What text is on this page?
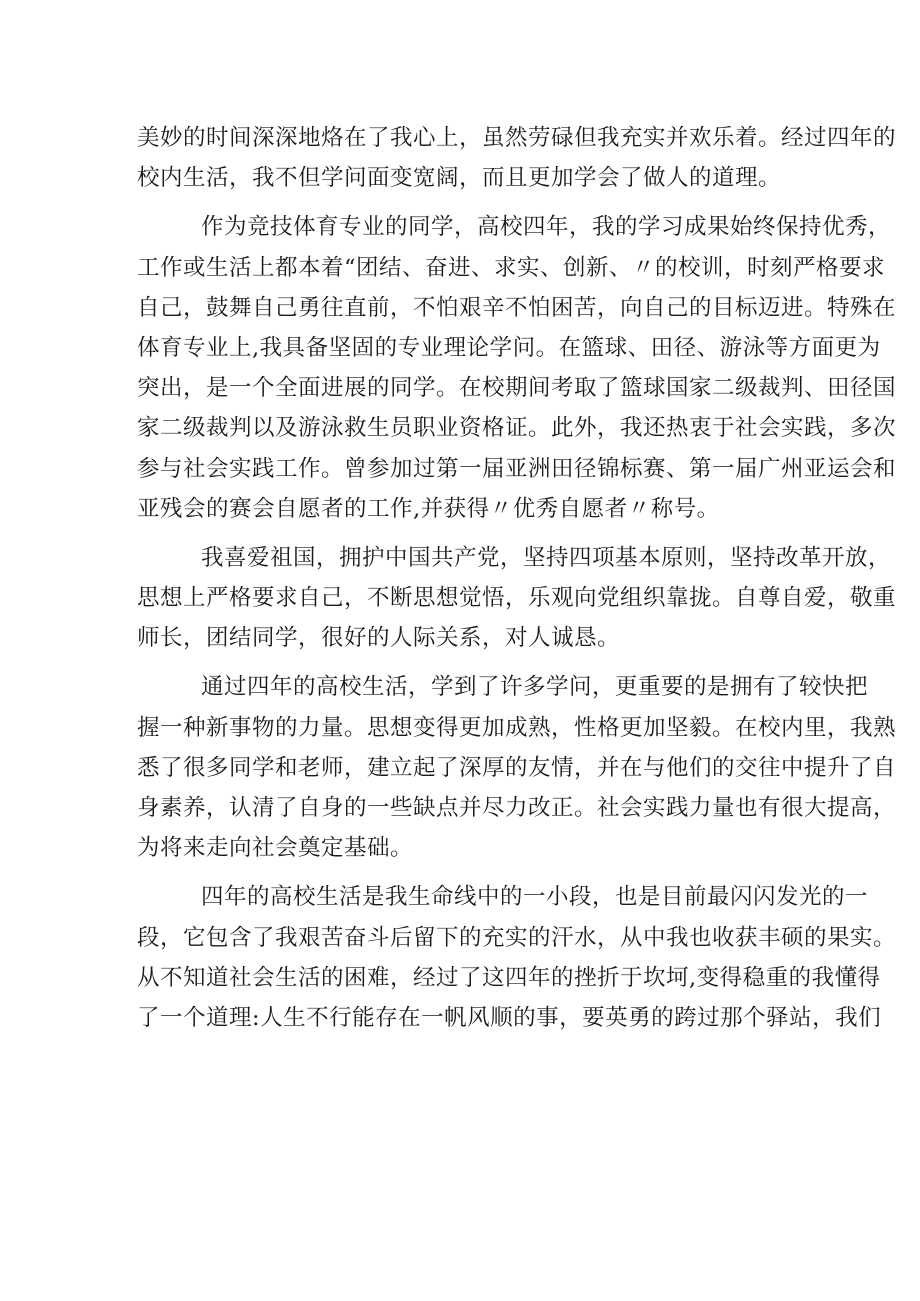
美妙的时间深深地烙在了我心上，虽然劳碌但我充实并欢乐着。经过四年的
校内生活，我不但学问面变宽阔，而且更加学会了做人的道理。

作为竞技体育专业的同学，高校四年，我的学习成果始终保持优秀，
工作或生活上都本着“团结、奋进、求实、创新、〃的校训，时刻严格要求
自己，鼓舞自己勇往直前，不怕艰辛不怕困苦，向自己的目标迈进。特殊在
体育专业上,我具备坚固的专业理论学问。在篮球、田径、游泳等方面更为
突出，是一个全面进展的同学。在校期间考取了篮球国家二级裁判、田径国
家二级裁判以及游泳救生员职业资格证。此外，我还热衷于社会实践，多次
参与社会实践工作。曾参加过第一届亚洲田径锦标赛、第一届广州亚运会和
亚残会的赛会自愿者的工作,并获得〃优秀自愿者〃称号。

我喜爱祖国，拥护中国共产党，坚持四项基本原则，坚持改革开放，
思想上严格要求自己，不断思想觉悟，乐观向党组织靠拢。自尊自爱，敬重
师长，团结同学，很好的人际关系，对人诚恳。

通过四年的高校生活，学到了许多学问，更重要的是拥有了较快把
握一种新事物的力量。思想变得更加成熟，性格更加坚毅。在校内里，我熟
悉了很多同学和老师，建立起了深厚的友情，并在与他们的交往中提升了自
身素养，认清了自身的一些缺点并尽力改正。社会实践力量也有很大提高，
为将来走向社会奠定基础。

四年的高校生活是我生命线中的一小段，也是目前最闪闪发光的一
段，它包含了我艰苦奋斗后留下的充实的汗水，从中我也收获丰硕的果实。
从不知道社会生活的困难，经过了这四年的挫折于坎坷,变得稳重的我懂得
了一个道理:人生不行能存在一帆风顺的事，要英勇的跨过那个驿站，我们
